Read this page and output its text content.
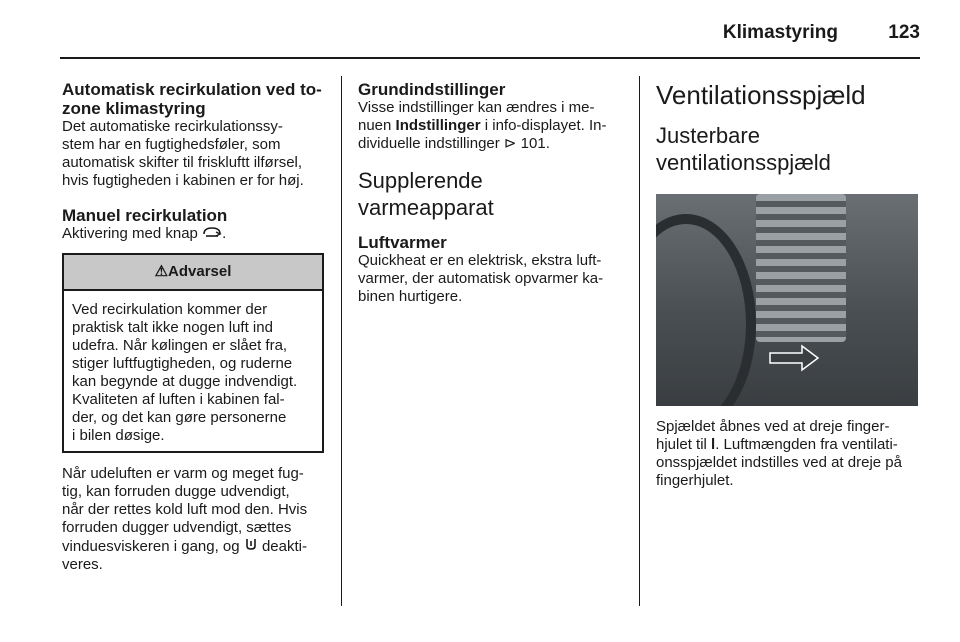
Klimastyring	123

Automatisk recirkulation ved to-zone klimastyring

Det automatiske recirkulationssy-
stem har en fugtighedsføler, som
automatisk skifter til friskluftt ilførsel,
hvis fugtigheden i kabinen er for høj.

Manuel recirkulation

Aktivering med knap .

⚠ Advarsel
Ved recirkulation kommer der
praktisk talt ikke nogen luft ind
udefra. Når kølingen er slået fra,
stiger luftfugtigheden, og ruderne
kan begynde at dugge indvendigt.
Kvaliteten af luften i kabinen fal-
der, og det kan gøre personerne
i bilen døsige.

Når udeluften er varm og meget fug-
tig, kan forruden dugge udvendigt,
når der rettes kold luft mod den. Hvis
forruden dugger udvendigt, sættes
vinduesviskeren i gang, og deakti-
veres.

Grundindstillinger

Visse indstillinger kan ændres i me-
nuen Indstillinger i info-displayet. In-
dividuelle indstillinger ⊳ 101.

Supplerende
varmeapparat

Luftvarmer

Quickheat er en elektrisk, ekstra luft-
varmer, der automatisk opvarmer ka-
binen hurtigere.

Ventilationsspjæld

Justerbare
ventilationsspjæld

Spjældet åbnes ved at dreje finger-
hjulet til l. Luftmængden fra ventilati-
onsspjældet indstilles ved at dreje på
fingerhjulet.
